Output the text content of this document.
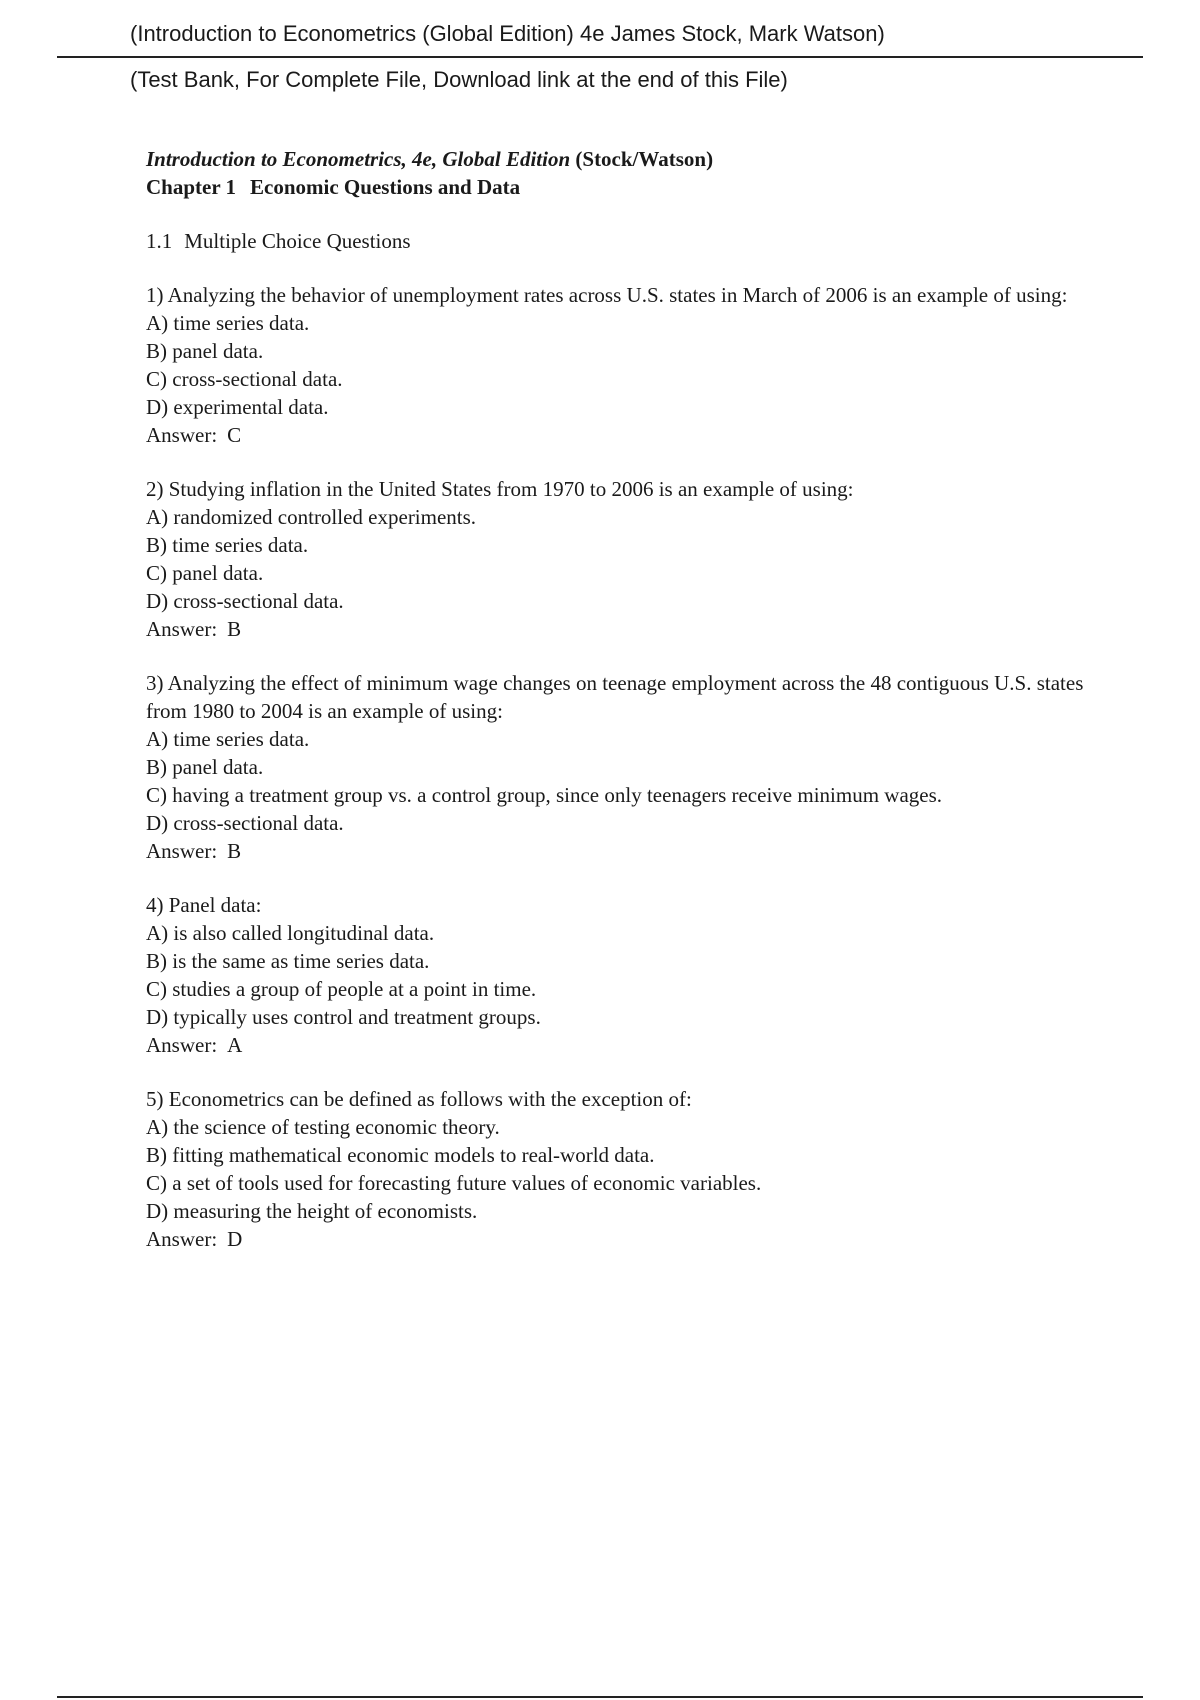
(Introduction to Econometrics (Global Edition) 4e James Stock, Mark Watson)
(Test Bank, For Complete File, Download link at the end of this File)
Introduction to Econometrics, 4e, Global Edition (Stock/Watson)
Chapter 1 Economic Questions and Data
1.1 Multiple Choice Questions
1) Analyzing the behavior of unemployment rates across U.S. states in March of 2006 is an example of using:
A) time series data.
B) panel data.
C) cross-sectional data.
D) experimental data.
Answer: C
2) Studying inflation in the United States from 1970 to 2006 is an example of using:
A) randomized controlled experiments.
B) time series data.
C) panel data.
D) cross-sectional data.
Answer: B
3) Analyzing the effect of minimum wage changes on teenage employment across the 48 contiguous U.S. states from 1980 to 2004 is an example of using:
A) time series data.
B) panel data.
C) having a treatment group vs. a control group, since only teenagers receive minimum wages.
D) cross-sectional data.
Answer: B
4) Panel data:
A) is also called longitudinal data.
B) is the same as time series data.
C) studies a group of people at a point in time.
D) typically uses control and treatment groups.
Answer: A
5) Econometrics can be defined as follows with the exception of:
A) the science of testing economic theory.
B) fitting mathematical economic models to real-world data.
C) a set of tools used for forecasting future values of economic variables.
D) measuring the height of economists.
Answer: D
